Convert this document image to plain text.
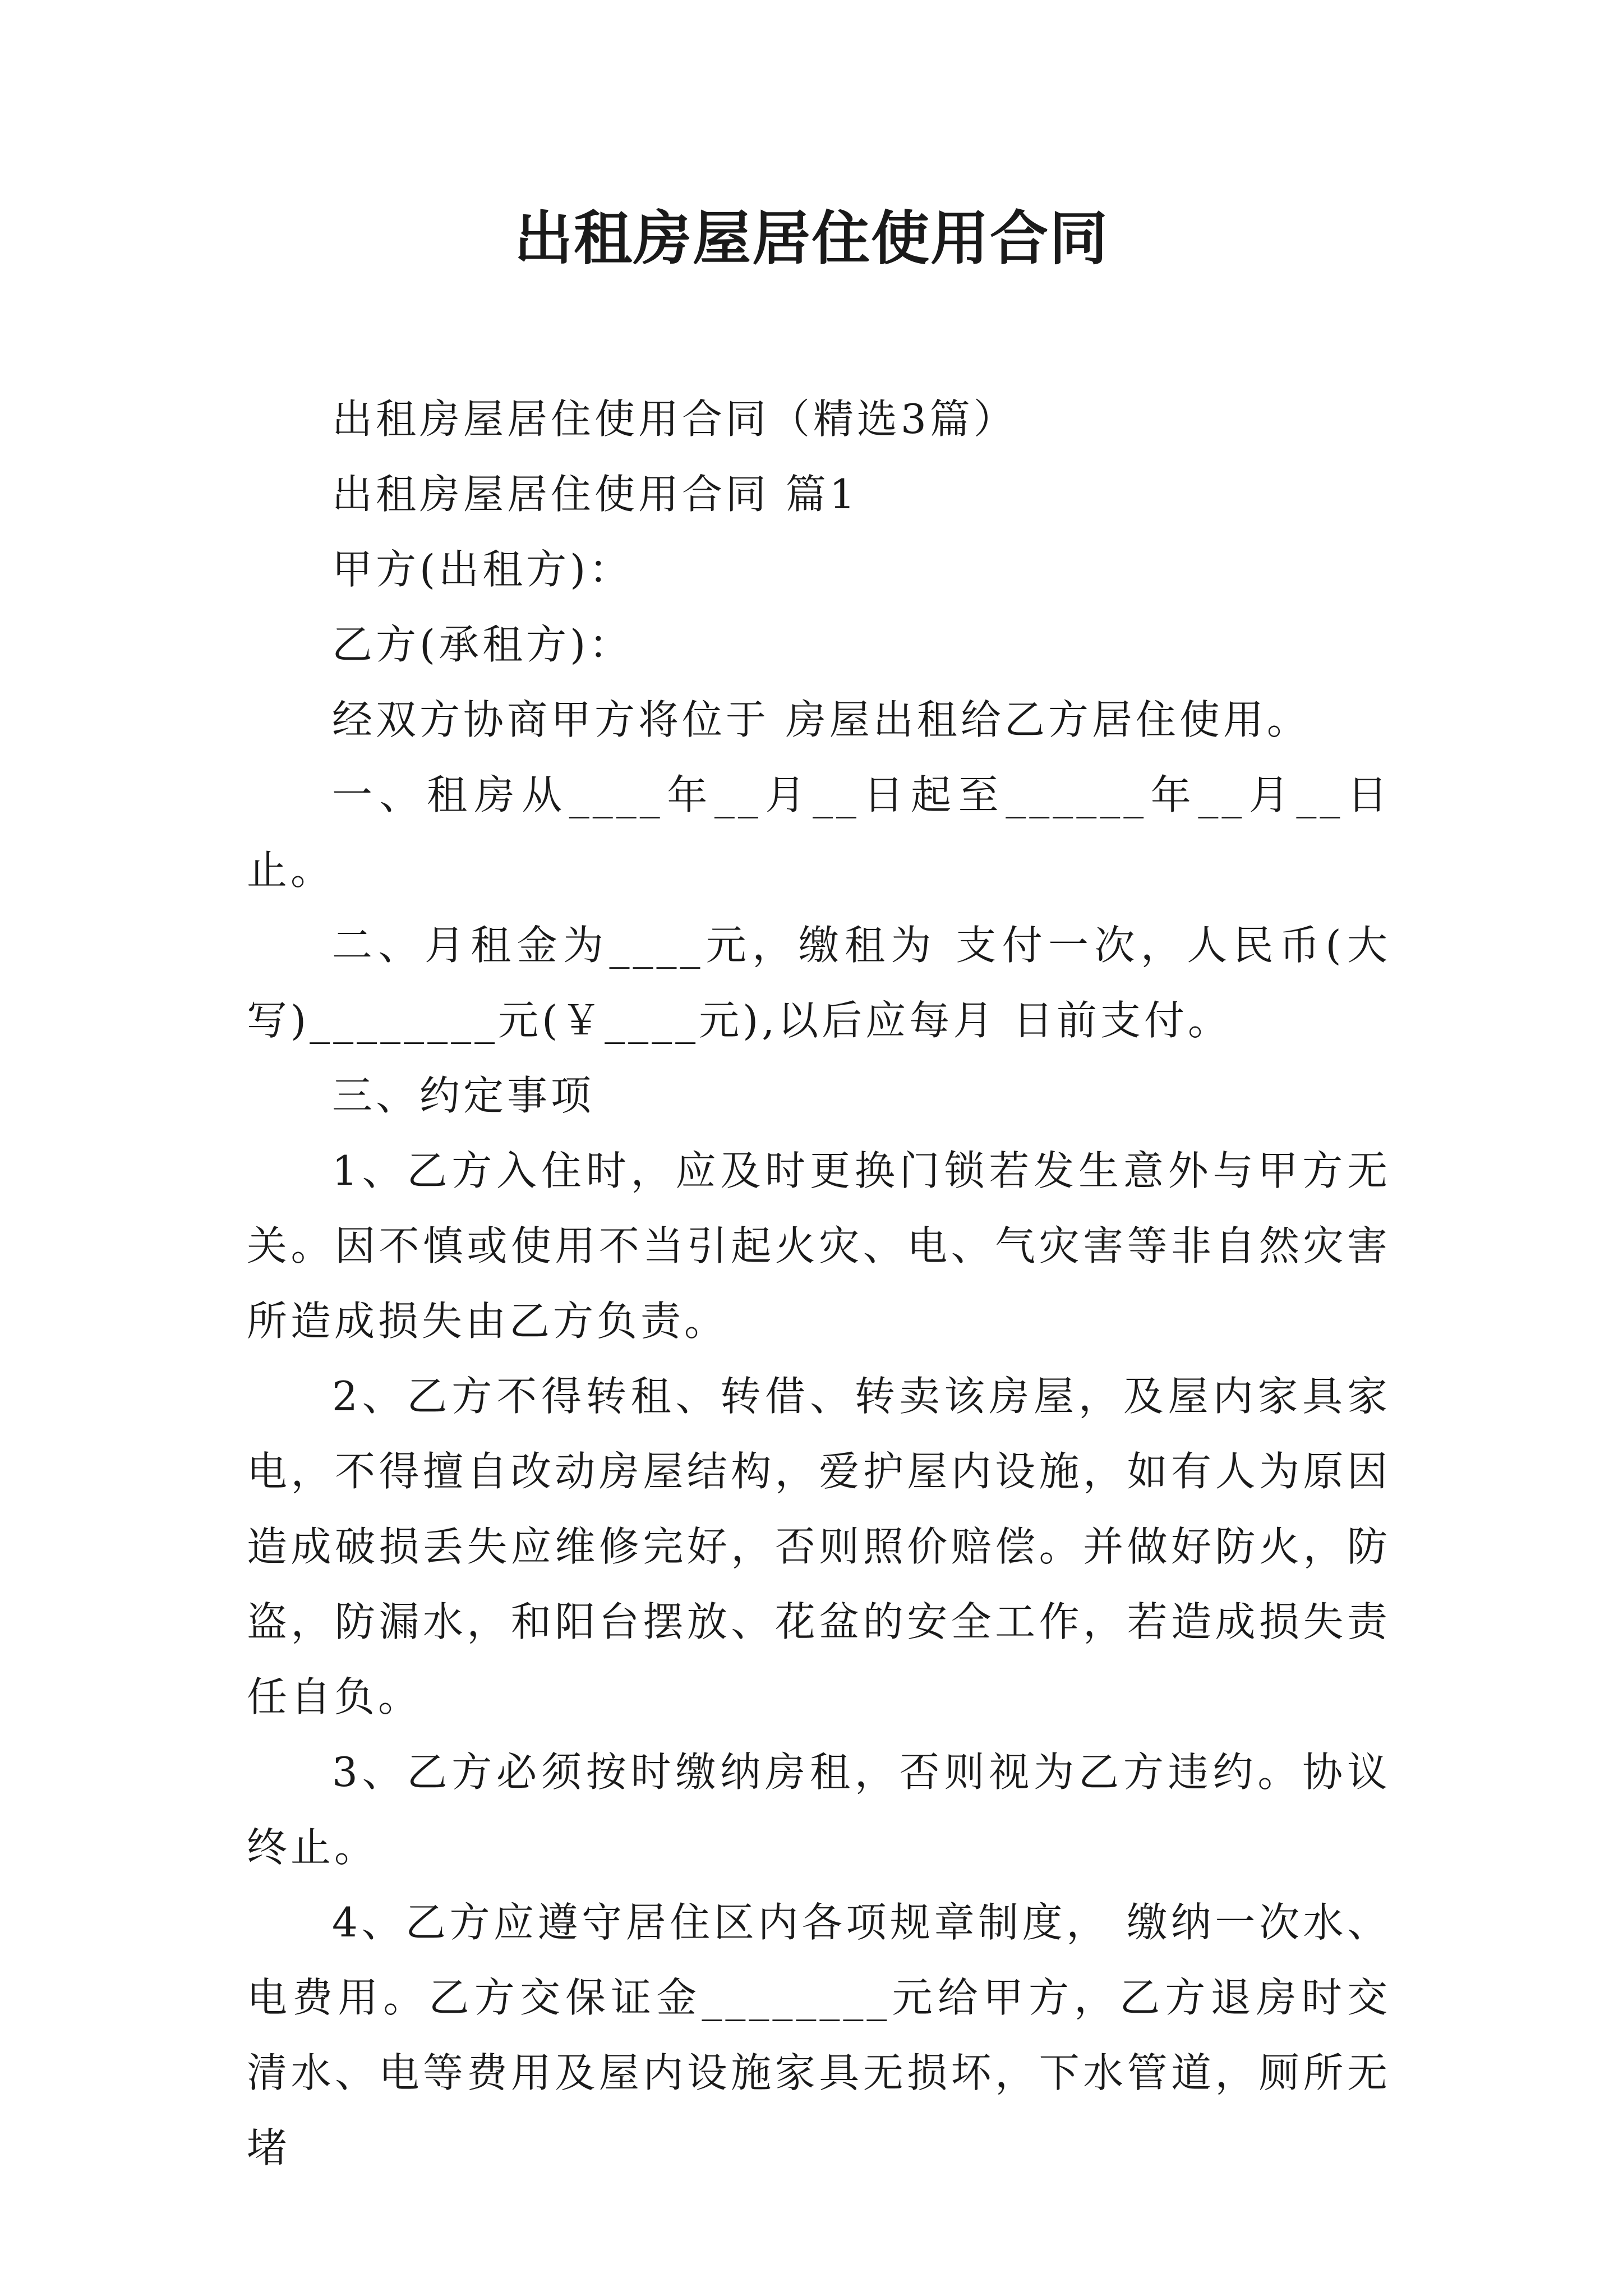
出租房屋居住使用合同

出租房屋居住使用合同（精选3篇）

出租房屋居住使用合同 篇1

甲方(出租方)：

乙方(承租方)：

经双方协商甲方将位于 房屋出租给乙方居住使用。

一、租房从____年__月__日起至______年__月__日止。

二、月租金为____元，缴租为 支付一次，人民币(大写)________元(￥____元),以后应每月 日前支付。

三、约定事项

1、乙方入住时，应及时更换门锁若发生意外与甲方无关。因不慎或使用不当引起火灾、电、气灾害等非自然灾害所造成损失由乙方负责。

2、乙方不得转租、转借、转卖该房屋，及屋内家具家电，不得擅自改动房屋结构，爱护屋内设施，如有人为原因造成破损丢失应维修完好，否则照价赔偿。并做好防火，防盗，防漏水，和阳台摆放、花盆的安全工作，若造成损失责任自负。

3、乙方必须按时缴纳房租，否则视为乙方违约。协议终止。

4、乙方应遵守居住区内各项规章制度， 缴纳一次水、电费用。乙方交保证金________元给甲方，乙方退房时交清水、电等费用及屋内设施家具无损坏，下水管道，厕所无堵
